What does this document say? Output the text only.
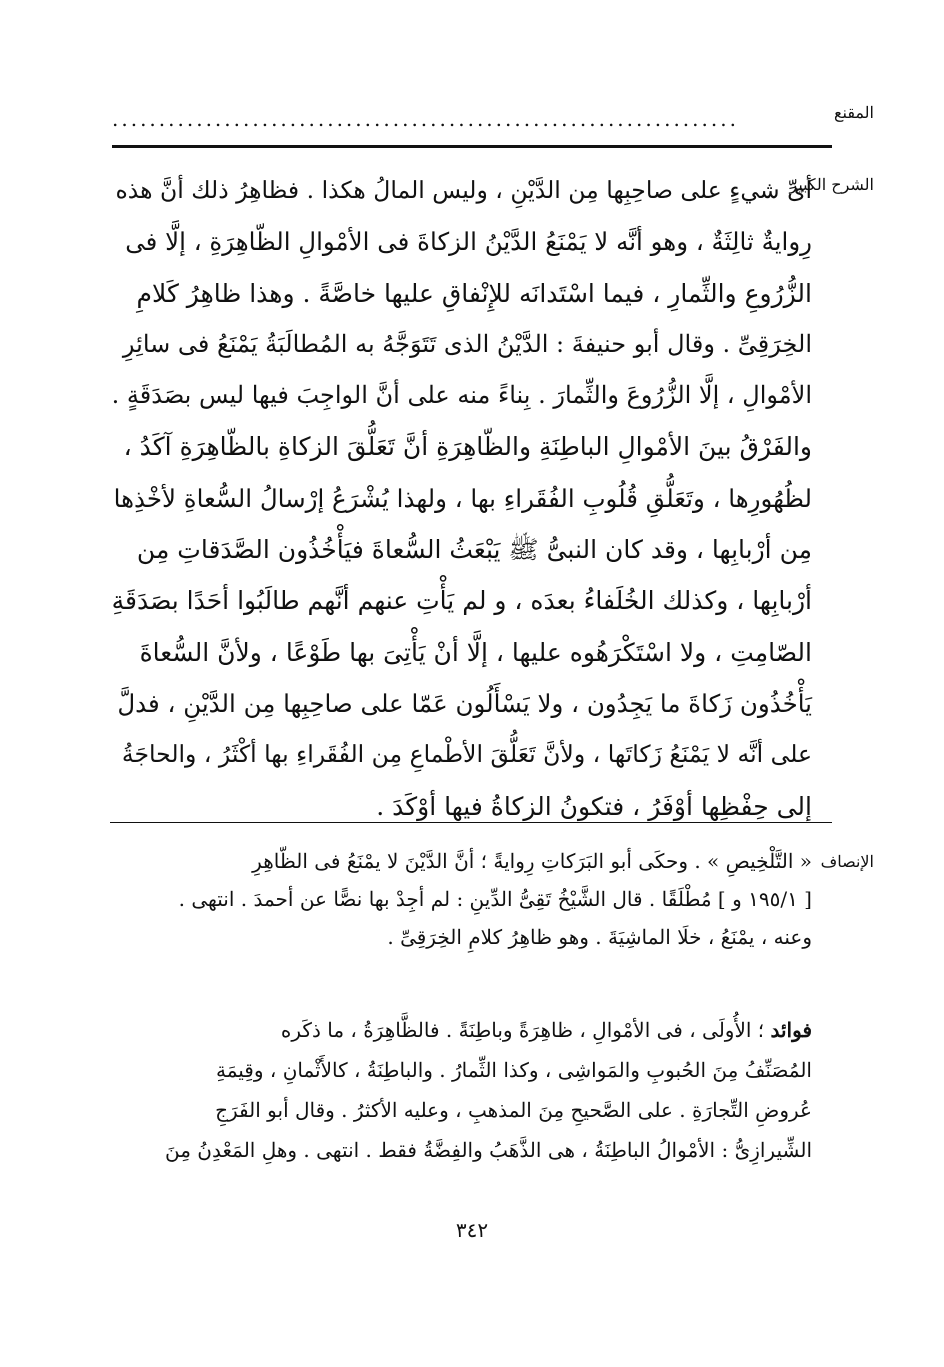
المقنع
...................................................................
الشرح الكبير
أىِّ شيءٍ على صاحِبِها مِن الدَّيْنِ ، وليس المالُ هكذا . فظاهِرُ ذلك أنَّ هذه
رِوايةٌ ثالِثَةٌ ، وهو أنَّه لا يَمْنَعُ الدَّيْنُ الزكاةَ فى الأمْوالِ الظّاهِرَةِ ، إلَّا فى
الزُّرُوعِ والثِّمارِ ، فيما اسْتَدانَه للإِنْفاقِ عليها خاصَّةً . وهذا ظاهِرُ كَلامِ
الخِرَقِىِّ . وقال أبو حنيفةَ : الدَّيْنُ الذى تَتَوَجَّهُ به المُطالَبَةُ يَمْنَعُ فى سائِرِ
الأمْوالِ ، إلَّا الزُّرُوعَ والثِّمارَ . بِناءً منه على أنَّ الواجِبَ فيها ليس بصَدَقَةٍ .
والفَرْقُ بينَ الأمْوالِ الباطِنَةِ والظّاهِرَةِ أنَّ تَعَلُّقَ الزكاةِ بالظّاهِرَةِ آكَدُ ،
لظُهُورِها ، وتَعَلُّقِ قُلُوبِ الفُقَراءِ بها ، ولهذا يُشْرَعُ إرْسالُ السُّعاةِ لأخْذِها
مِن أرْبابِها ، وقد كان النبىُّ ﷺ يَبْعَثُ السُّعاةَ فيَأْخُذُون الصَّدَقاتِ مِن
أرْبابِها ، وكذلك الخُلَفاءُ بعدَه ، و لم يَأْتِ عنهم أنَّهم طالَبُوا أحَدًا بصَدَقَةِ
الصّامِتِ ، ولا اسْتَكْرَهُوه عليها ، إلَّا أنْ يَأْتِىَ بها طَوْعًا ، ولأنَّ السُّعاةَ
يَأْخُذُون زَكاةَ ما يَجِدُون ، ولا يَسْأَلُون عَمّا على صاحِبِها مِن الدَّيْنِ ، فدلَّ
على أنَّه لا يَمْنَعُ زَكاتَها ، ولأنَّ تَعَلُّقَ الأطْماعِ مِن الفُقَراءِ بها أكْثَرُ ، والحاجَةُ
إلى حِفْظِها أوْفَرُ ، فتكونُ الزكاةُ فيها أوْكَدَ .
الإنصاف
« التَّلْخِيصِ » . وحكَى أبو البَرَكاتِ رِوايةً ؛ أنَّ الدَّيْنَ لا يمْنَعُ فى الظّاهِرِ
[ ١٩٥/١ و ] مُطْلَقًا . قال الشَّيْخُ تَقِىُّ الدِّينِ : لم أجِدْ بها نصًّا عن أحمدَ . انتهى .
وعنه ، يمْنَعُ ، خلَا الماشِيَةَ . وهو ظاهِرُ كلامِ الخِرَقِىِّ .
فوائد ؛ الأُولَى ، فى الأمْوالِ ، ظاهِرَةً وباطِنَةً . فالظَّاهِرَةُ ، ما ذكَره
المُصَنِّفُ مِنَ الحُبوبِ والمَواشِى ، وكذا الثِّمارُ . والباطِنَةُ ، كالأَثْمانِ ، وقِيمَةِ
عُروضِ التِّجارَةِ . على الصَّحيحِ مِنَ المذهبِ ، وعليه الأكثرُ . وقال أبو الفَرَجِ
الشِّيرازِىُّ : الأمْوالُ الباطِنَةُ ، هى الذَّهَبُ والفِضَّةُ فقط . انتهى . وهلِ المَعْدِنُ مِنَ
٣٤٢
